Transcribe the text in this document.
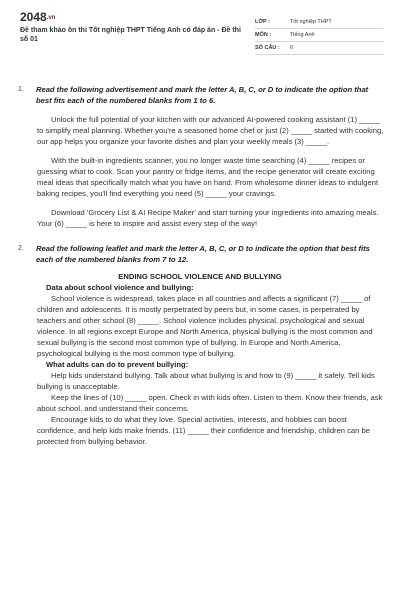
2048.vn
Đề tham khảo ôn thi Tốt nghiệp THPT Tiếng Anh có đáp án - Đề thi số 01
LỚP :	Tốt nghiệp THPT
MÔN :	Tiếng Anh
SỐ CÂU :	6
1. Read the following advertisement and mark the letter A, B, C, or D to indicate the option that best fits each of the numbered blanks from 1 to 6.
Unlock the full potential of your kitchen with our advanced AI-powered cooking assistant (1) _____ to simplify meal planning. Whether you're a seasoned home chef or just (2) _____ started with cooking, our app helps you organize your favorite dishes and plan your weekly meals (3) _____.
With the built-in ingredients scanner, you no longer waste time searching (4) _____ recipes or guessing what to cook. Scan your pantry or fridge items, and the recipe generator will create exciting meal ideas that specifically match what you have on hand. From wholesome dinner ideas to indulgent baking recipes, you'll find everything you need (5) _____ your cravings.
Download 'Grocery List & AI Recipe Maker' and start turning your ingredients into amazing meals. Your (6) _____ is here to inspire and assist every step of the way!
2. Read the following leaflet and mark the letter A, B, C, or D to indicate the option that best fits each of the numbered blanks from 7 to 12.
ENDING SCHOOL VIOLENCE AND BULLYING
Data about school violence and bullying:
School violence is widespread, takes place in all countries and affects a significant (7) _____ of children and adolescents. It is mostly perpetrated by peers but, in some cases, is perpetrated by teachers and other school (8) _____. School violence includes physical, psychological and sexual violence. In all regions except Europe and North America, physical bullying is the most common and sexual bullying is the second most common type of bullying. In Europe and North America, psychological bullying is the most common type of bullying.
What adults can do to prevent bullying:
Help kids understand bullying. Talk about what bullying is and how to (9) _____ it safely. Tell kids bullying is unacceptable.
Keep the lines of (10) _____ open. Check in with kids often. Listen to them. Know their friends, ask about school, and understand their concerns.
Encourage kids to do what they love. Special activities, interests, and hobbies can boost confidence, and help kids make friends. (11) _____ their confidence and friendship, children can be protected from bullying behavior.
